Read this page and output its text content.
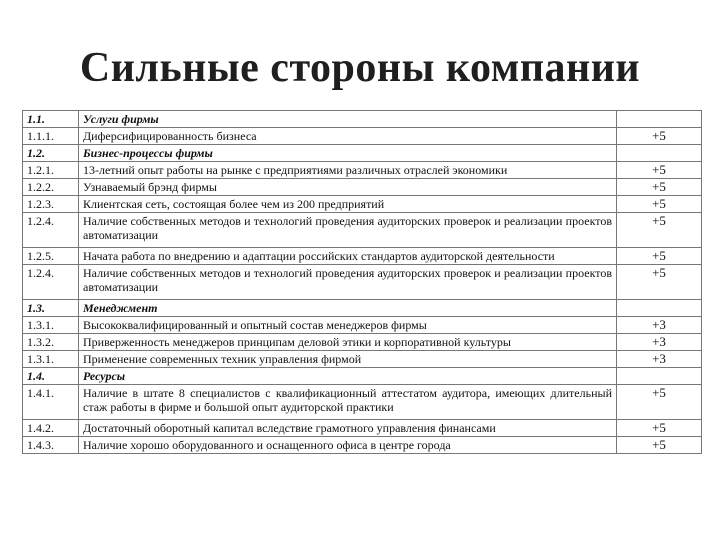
Сильные стороны компании
1.1.	Услуги фирмы	
1.1.1.	Диферсифицированность бизнеса	+5
1.2.	Бизнес-процессы фирмы	
1.2.1.	13-летний опыт работы на рынке с предприятиями различных отраслей экономики	+5
1.2.2.	Узнаваемый брэнд фирмы	+5
1.2.3.	Клиентская сеть, состоящая более чем из 200 предприятий	+5
1.2.4.	Наличие собственных методов и технологий проведения аудиторских проверок и реализации проектов автоматизации	+5
1.2.5.	Начата работа по внедрению и адаптации российских стандартов аудиторской деятельности	+5
1.2.4.	Наличие собственных методов и технологий проведения аудиторских проверок и реализации проектов автоматизации	+5
1.3.	Менеджмент	
1.3.1.	Высококвалифицированный и опытный состав менеджеров фирмы	+3
1.3.2.	Приверженность менеджеров принципам деловой этики и корпоративной культуры	+3
1.3.1.	Применение современных техник управления фирмой	+3
1.4.	Ресурсы	
1.4.1.	Наличие в штате 8 специалистов с квалификационный аттестатом аудитора, имеющих длительный стаж работы в фирме и большой опыт аудиторской практики	+5
1.4.2.	Достаточный оборотный капитал вследствие грамотного управления финансами	+5
1.4.3.	Наличие хорошо оборудованного и оснащенного офиса в центре города	+5
